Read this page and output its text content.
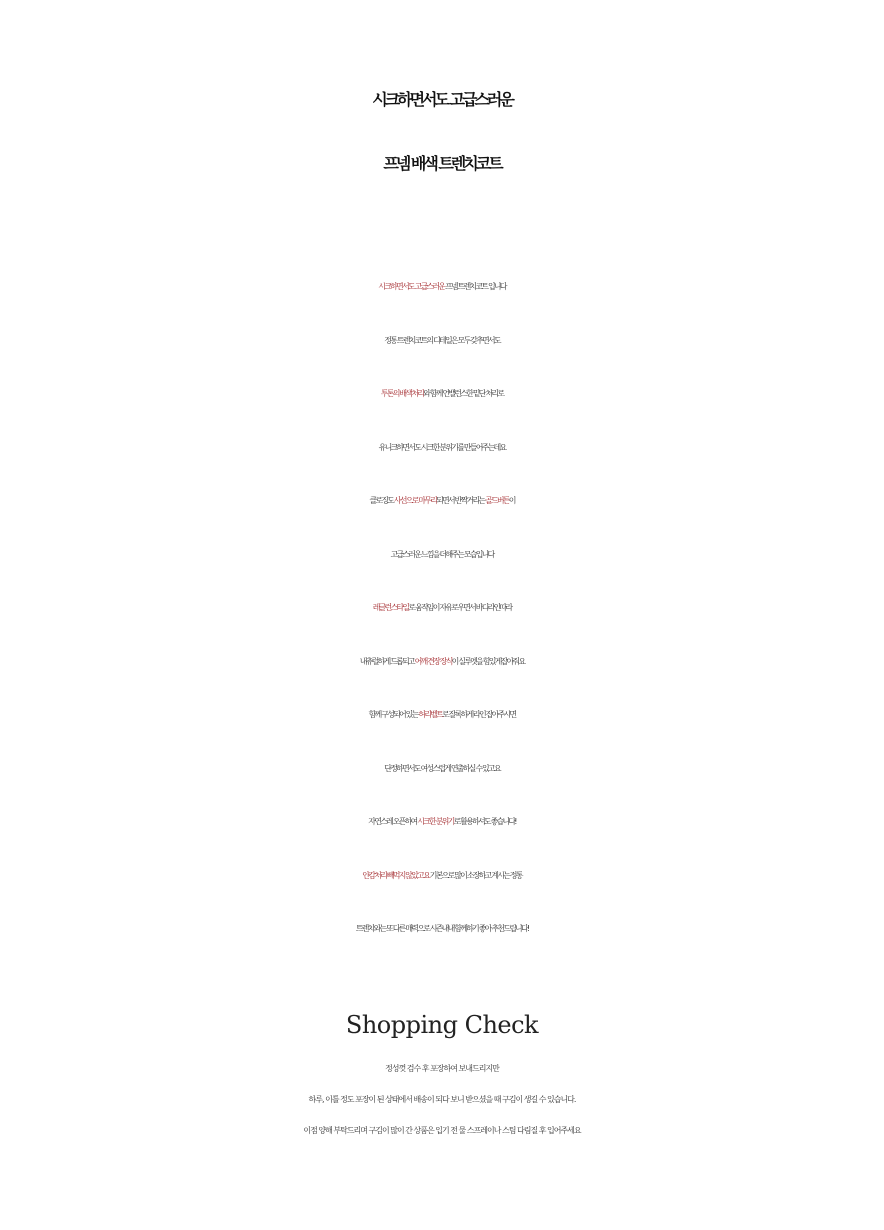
시크하면서도 고급스러운
프넴 배색 트렌치코트
시크하면서도 고급스러운 프넴 트렌치코트 입니다
정통 트렌치코트의 디테일은 모두 갖추면서도
투톤의 배색처리와 함께 언밸런스한 밑단 처리로
유니크하면서도 시크한 분위기를 만들어주는데요
클로징도 사선으로 마무리되면서 반짝거리는 골드버튼이
고급스러운 느낌을 더해주는 모습입니다
레글런스타일로 움직임이 자유로우면서 바디라인따라
내츄럴하게 드롭되고 어깨 견장 장식이 실루엣을 힘있게잡아줘요
함께 구성되어 있는 허리벨트로 잘록하게 라인 잡아주시면
단정하면서도 여성스럽게 연출하실 수 있고요
자연스레 오픈하여 시크한 분위기로 활용하셔도 좋습니다!
안감처리 빼먹지 않았고요 기본으로 많이 소장하고 계시는 정통
트렌치와는 또 다른 매력으로 시즌내내 함께하기 좋아 추천드립니다!
Shopping Check
정성껏 검수 후 포장하여 보내드리지만
하루, 이틀 정도 포장이 된 상태에서 배송이 되다 보니 받으셨을 때 구김이 생길 수 있습니다.
이점 양해 부탁드리며 구김이 많이 간 상품은 입기 전 물 스프레이나 스팀 다림질 후 입어주세요
